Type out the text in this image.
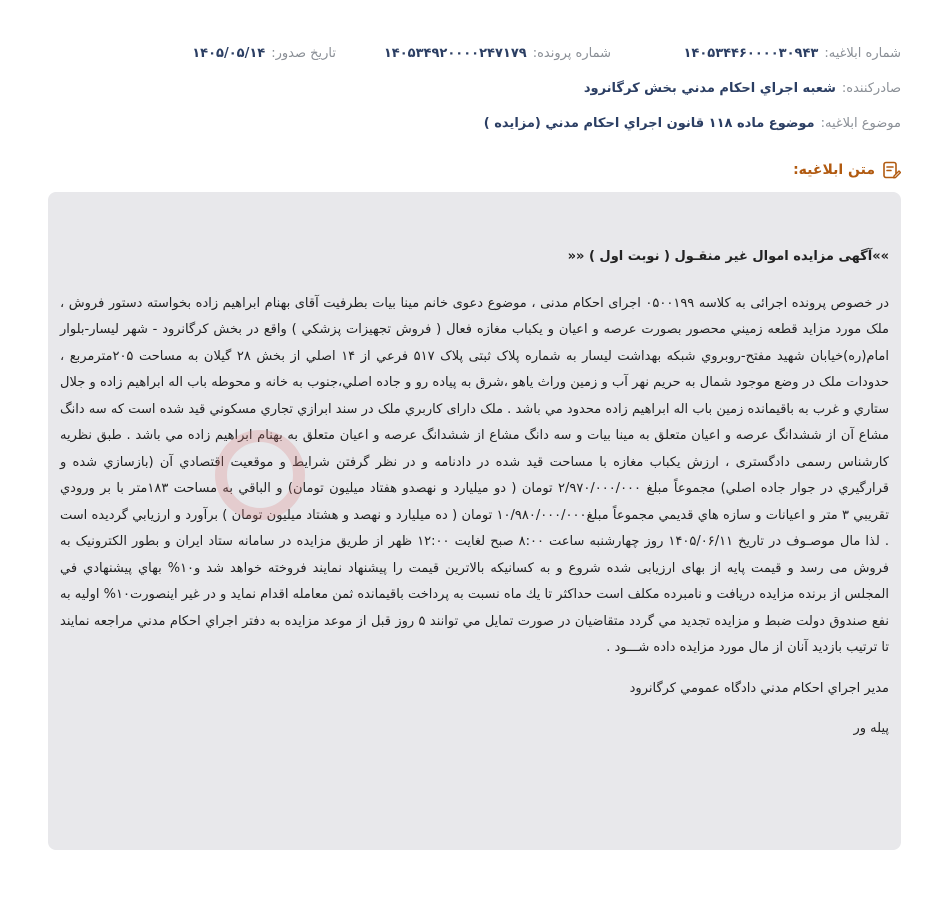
شماره ابلاغیه:
۱۴۰۵۳۴۴۶۰۰۰۰۳۰۹۴۳
شماره پرونده:
۱۴۰۵۳۴۹۲۰۰۰۰۲۴۷۱۷۹
تاریخ صدور:
۱۴۰۵/۰۵/۱۴
صادرکننده:
شعبه اجراي احكام مدني بخش كرگانرود
موضوع ابلاغیه:
موضوع ماده ۱۱۸ قانون اجراي احكام مدني (مزايده )
متن ابلاغیه:

»»آگهی مزایده اموال غیر منقـول ( نوبت اول ) ««

در خصوص پرونده اجرائی به کلاسه ۰۵۰۰۱۹۹ اجرای احکام مدنی ، موضوع دعوی خانم مینا بیات بطرفیت آقای بهنام ابراهیم زاده بخواسته دستور فروش ، ملک مورد مزايد قطعه زميني محصور بصورت عرصه و اعيان و يکباب مغازه فعال ( فروش تجهيزات پزشکي ) واقع در بخش کرگانرود - شهر ليسار-بلوار امام(ره)خيابان شهيد مفتح-روبروي شبکه بهداشت ليسار به شماره پلاک ثبتی پلاک ۵۱۷ فرعي از ۱۴ اصلي از بخش ۲۸ گيلان به مساحت ۲۰۵مترمربع ، حدودات ملک در وضع موجود شمال به حريم نهر آب و زمين وراث ياهو ،شرق به پياده رو و جاده اصلي،جنوب به خانه و محوطه باب اله ابراهيم زاده و جلال ستاري و غرب به باقيمانده زمين باب اله ابراهيم زاده محدود مي باشد . ملک دارای کاربري ملک در سند ابرازي تجاري مسکوني قيد شده است که سه دانگ مشاع آن از ششدانگ عرصه و اعيان متعلق به مينا بيات و سه دانگ مشاع از ششدانگ عرصه و اعيان متعلق به بهنام ابراهيم زاده مي باشد . طبق نظريه کارشناس رسمی دادگستری ، ارزش يکباب مغازه با مساحت قيد شده در دادنامه و در نظر گرفتن شرايط و موقعيت اقتصادي آن (بازسازي شده و قرارگيري در جوار جاده اصلي) مجموعاً مبلغ ۲/۹۷۰/۰۰۰/۰۰۰ تومان ( دو ميليارد و نهصدو هفتاد ميليون تومان) و الباقي به مساحت ۱۸۳متر با بر ورودي تقريبي ۳ متر و اعيانات و سازه هاي قديمي مجموعاً مبلغ۱۰/۹۸۰/۰۰۰/۰۰۰ تومان ( ده ميليارد و نهصد و هشتاد ميليون تومان ) برآورد و ارزيابي گرديده است . لذا مال موصـوف در تاريخ ۱۴۰۵/۰۶/۱۱ روز چهارشنبه ساعت ۸:۰۰ صبح لغايت ۱۲:۰۰ ظهر از طريق مزايده در سامانه ستاد ايران و بطور الکترونيک به فروش می رسد و قيمت پايه از بهای ارزيابی شده شروع و به کسانيکه بالاترين قيمت را پيشنهاد نمايند فروخته خواهد شد و۱۰% بهاي پيشنهادي في المجلس از برنده مزايده دريافت و نامبرده مکلف است حداکثر تا يك ماه نسبت به پرداخت باقيمانده ثمن معامله اقدام نمايد و در غير اينصورت۱۰% اوليه به نفع صندوق دولت ضبط و مزايده تجديد مي گردد متقاضيان در صورت تمايل مي توانند ۵ روز قبل از موعد مزايده به دفتر اجراي احكام مدني مراجعه نمايند تا ترتيب بازديد آنان از مال مورد مزايده داده شـــود .

مدير اجراي احکام مدني دادگاه عمومي کرگانرود

پيله ور
